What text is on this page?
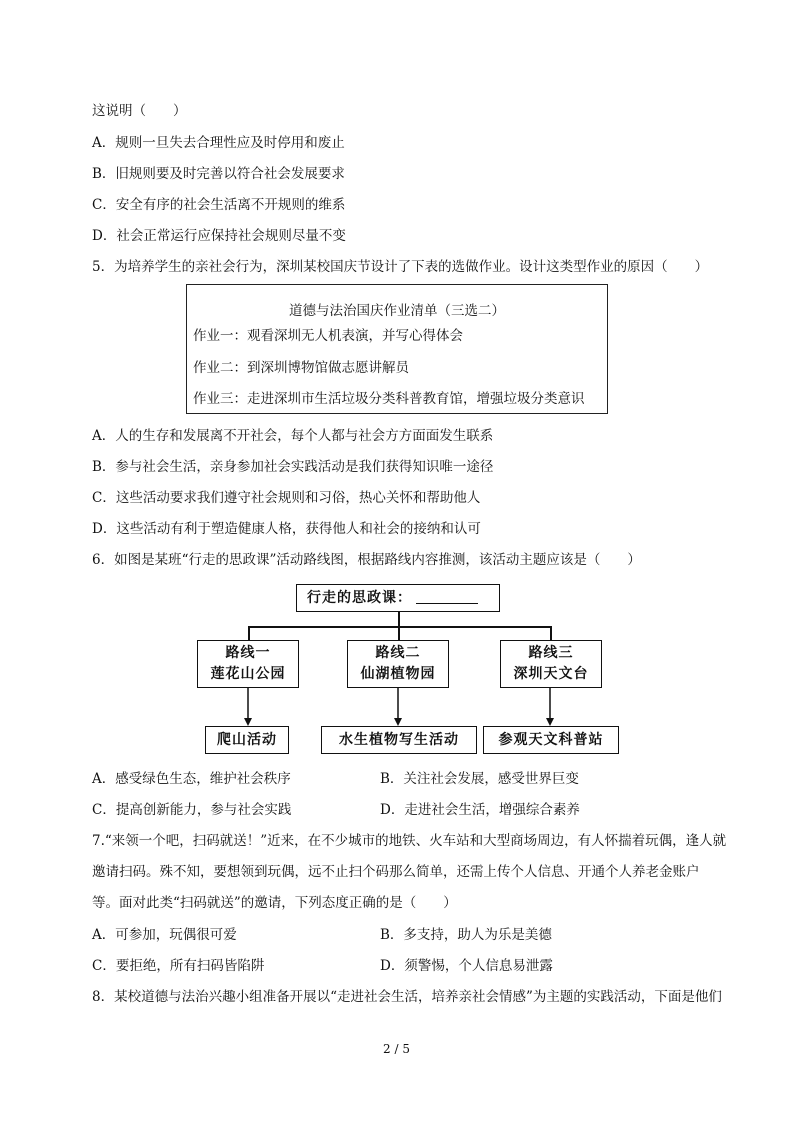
这说明（　　）
A．规则一旦失去合理性应及时停用和废止
B．旧规则要及时完善以符合社会发展要求
C．安全有序的社会生活离不开规则的维系
D．社会正常运行应保持社会规则尽量不变
5．为培养学生的亲社会行为，深圳某校国庆节设计了下表的选做作业。设计这类型作业的原因（　　）
道德与法治国庆作业清单（三选二）
作业一：观看深圳无人机表演，并写心得体会
作业二：到深圳博物馆做志愿讲解员
作业三：走进深圳市生活垃圾分类科普教育馆，增强垃圾分类意识
A．人的生存和发展离不开社会，每个人都与社会方方面面发生联系
B．参与社会生活，亲身参加社会实践活动是我们获得知识唯一途径
C．这些活动要求我们遵守社会规则和习俗，热心关怀和帮助他人
D．这些活动有利于塑造健康人格，获得他人和社会的接纳和认可
6．如图是某班“行走的思政课”活动路线图，根据路线内容推测，该活动主题应该是（　　）
行走的思政课：
路线一
莲花山公园
路线二
仙湖植物园
路线三
深圳天文台
爬山活动	水生植物写生活动	参观天文科普站
A．感受绿色生态，维护社会秩序	B．关注社会发展，感受世界巨变
C．提高创新能力，参与社会实践	D．走进社会生活，增强综合素养
7.“来领一个吧，扫码就送！”近来，在不少城市的地铁、火车站和大型商场周边，有人怀揣着玩偶，逢人就
邀请扫码。殊不知，要想领到玩偶，远不止扫个码那么简单，还需上传个人信息、开通个人养老金账户
等。面对此类“扫码就送”的邀请，下列态度正确的是（　　）
A．可参加，玩偶很可爱	B．多支持，助人为乐是美德
C．要拒绝，所有扫码皆陷阱	D．须警惕，个人信息易泄露
8．某校道德与法治兴趣小组准备开展以“走进社会生活，培养亲社会情感”为主题的实践活动，下面是他们
2 / 5
